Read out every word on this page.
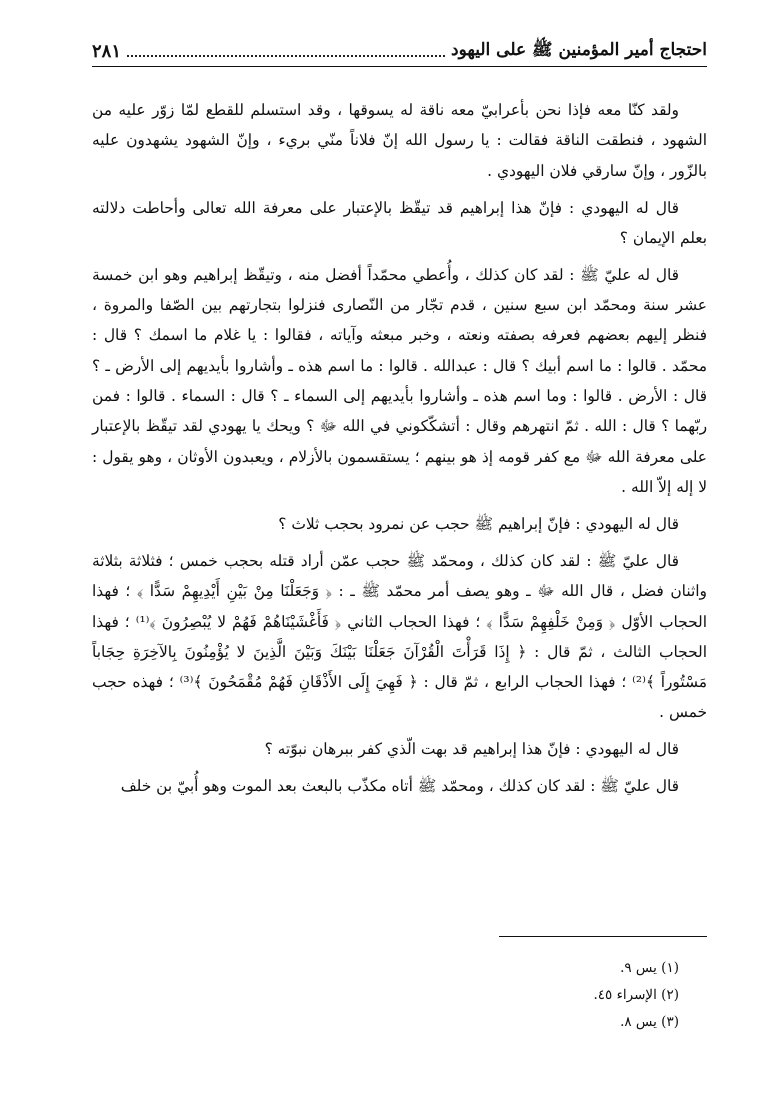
احتجاج أمير المؤمنين ﷺ على اليهود
٢٨١

ولقد كنّا معه فإذا نحن بأعرابيّ معه ناقة له يسوقها ، وقد استسلم للقطع لمّا زوّر عليه من الشهود ، فنطقت الناقة فقالت : يا رسول الله إنّ فلاناً منّي بريء ، وإنّ الشهود يشهدون عليه بالزّور ، وإنّ سارقي فلان اليهودي .

قال له اليهودي : فإنّ هذا إبراهيم قد تيقّظ بالإعتبار على معرفة الله تعالى وأحاطت دلالته بعلم الإيمان ؟

قال له عليّ ﷺ : لقد كان كذلك ، وأُعطي محمّداً أفضل منه ، وتيقّظ إبراهيم وهو ابن خمسة عشر سنة ومحمّد ابن سبع سنين ، قدم تجّار من النّصارى فنزلوا بتجارتهم بين الصّفا والمروة ، فنظر إليهم بعضهم فعرفه بصفته ونعته ، وخبر مبعثه وآياته ، فقالوا : يا غلام ما اسمك ؟ قال : محمّد . قالوا : ما اسم أبيك ؟ قال : عبدالله . قالوا : ما اسم هذه ـ وأشاروا بأيديهم إلى الأرض ـ ؟ قال : الأرض . قالوا : وما اسم هذه ـ وأشاروا بأيديهم إلى السماء ـ ؟ قال : السماء . قالوا : فمن ربّهما ؟ قال : الله . ثمّ انتهرهم وقال : أتشكّكوني في الله ﷻ ؟ ويحك يا يهودي لقد تيقّظ بالإعتبار على معرفة الله ﷻ مع كفر قومه إذ هو بينهم ؛ يستقسمون بالأزلام ، ويعبدون الأوثان ، وهو يقول : لا إله إلاّ الله .

قال له اليهودي : فإنّ إبراهيم ﷺ حجب عن نمرود بحجب ثلاث ؟

قال عليّ ﷺ : لقد كان كذلك ، ومحمّد ﷺ حجب عمّن أراد قتله بحجب خمس ؛ فثلاثة بثلاثة واثنان فضل ، قال الله ﷻ ـ وهو يصف أمر محمّد ﷺ ـ : ﴿ وَجَعَلْنَا مِنْ بَيْنِ أَيْدِيهِمْ سَدًّا ﴾ ؛ فهذا الحجاب الأوّل ﴿ وَمِنْ خَلْفِهِمْ سَدًّا ﴾ ؛ فهذا الحجاب الثاني ﴿ فَأَغْشَيْنَاهُمْ فَهُمْ لا يُبْصِرُونَ ﴾⁽¹⁾ ؛ فهذا الحجاب الثالث ، ثمّ قال : ﴿ إِذَا قَرَأْتَ الْقُرْآنَ جَعَلْنَا بَيْنَكَ وَبَيْنَ الَّذِينَ لا يُؤْمِنُونَ بِالآخِرَةِ حِجَاباً مَسْتُوراً ﴾⁽²⁾ ؛ فهذا الحجاب الرابع ، ثمّ قال : ﴿ فَهِيَ إِلَى الأَذْقَانِ فَهُمْ مُقْمَحُونَ ﴾⁽³⁾ ؛ فهذه حجب خمس .

قال له اليهودي : فإنّ هذا إبراهيم قد بهت الّذي كفر ببرهان نبوّته ؟

قال عليّ ﷺ : لقد كان كذلك ، ومحمّد ﷺ أتاه مكذّب بالبعث بعد الموت وهو أُبيّ بن خلف

(١) يس ٩.
(٢) الإسراء ٤٥.
(٣) يس ٨.
